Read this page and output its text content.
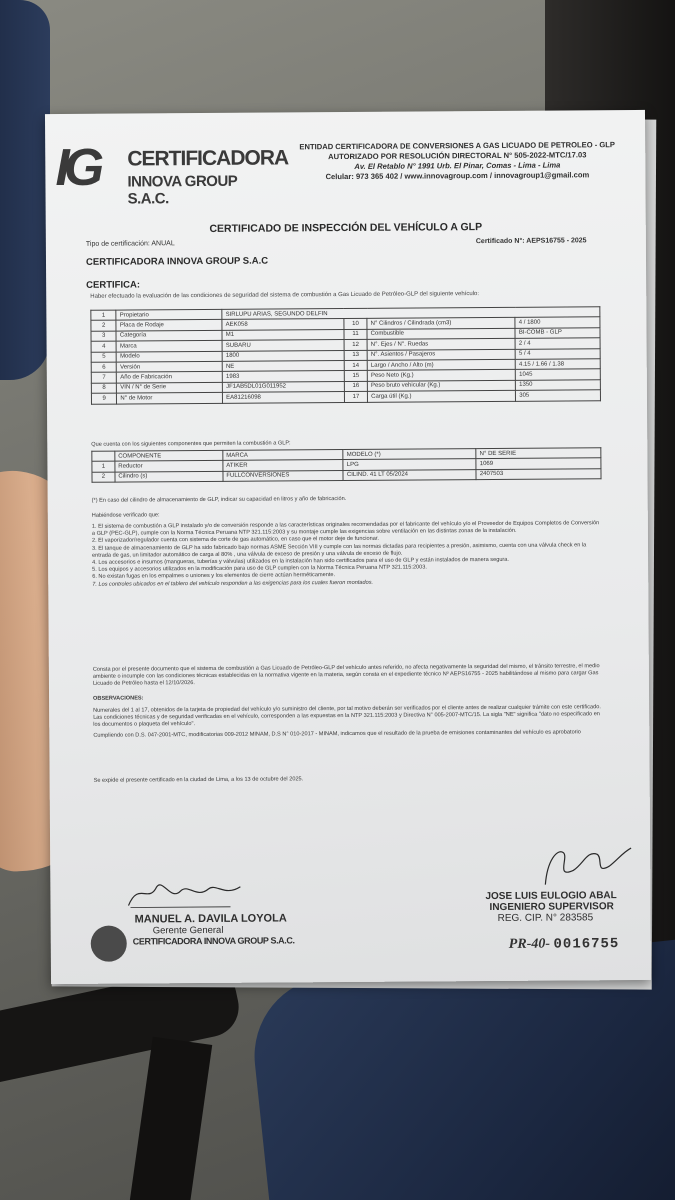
IG CERTIFICADORA
INNOVA GROUP S.A.C.
ENTIDAD CERTIFICADORA DE CONVERSIONES A GAS LICUADO DE PETROLEO - GLP
AUTORIZADO POR RESOLUCIÓN DIRECTORAL N° 505-2022-MTC/17.03
Av. El Retablo N° 1991 Urb. El Pinar, Comas - Lima - Lima
Celular: 973 365 402 / www.innovagroup.com / innovagroup1@gmail.com
CERTIFICADO DE INSPECCIÓN DEL VEHÍCULO A GLP
Tipo de certificación: ANUAL	Certificado N°: AEPS16755 - 2025
CERTIFICADORA INNOVA GROUP S.A.C
CERTIFICA:
Haber efectuado la evaluación de las condiciones de seguridad del sistema de combustión a Gas Licuado de Petróleo-GLP del siguiente vehículo:
1	Propietario	SIRLUPU ARIAS, SEGUNDO DELFIN			
2	Placa de Rodaje	AEK058	10	N° Cilindros / Cilindrada (cm3)	4 / 1800
3	Categoría	M1	11	Combustible	BI-COMB - GLP
4	Marca	SUBARU	12	N°. Ejes / N°. Ruedas	2 / 4
5	Modelo	1800	13	N°. Asientos / Pasajeros	5 / 4
6	Versión	NE	14	Largo / Ancho / Alto (m)	4.15 / 1.66 / 1.38
7	Año de Fabricación	1983	15	Peso Neto (Kg.)	1045
8	VIN / N° de Serie	JF1AB5DL01G011952	16	Peso bruto vehicular (Kg.)	1350
9	N° de Motor	EA81216098	17	Carga útil (Kg.)	305
Que cuenta con los siguientes componentes que permiten la combustión a GLP:
	COMPONENTE	MARCA	MODELO (*)	N° DE SERIE
1	Reductor	ATIKER	LPG	1069
2	Cilindro (s)	FULLCONVERSIONES	CILIND. 41 LT 05/2024	2407503
(*) En caso del cilindro de almacenamiento de GLP, indicar su capacidad en litros y año de fabricación.
Habiéndose verificado que:
1. El sistema de combustión a GLP instalado y/o de conversión responde a las características originales recomendadas por el fabricante del vehículo y/o el Proveedor de Equipos Completos de Conversión a GLP (PEC-GLP), cumple con la Norma Técnica Peruana NTP 321.115:2003 y su montaje cumple las exigencias sobre ventilación en las distintas zonas de la instalación.
2. El vaporizador/regulador cuenta con sistema de corte de gas automático, en caso que el motor deje de funcionar.
3. El tanque de almacenamiento de GLP ha sido fabricado bajo normas ASME Sección VIII y cumple con las normas dictadas para recipientes a presión, asimismo, cuenta con una válvula check en la entrada de gas, un limitador automático de carga al 80% , una válvula de exceso de presión y una válvula de exceso de flujo.
4. Los accesorios e insumos (mangueras, tuberías y válvulas) utilizados en la instalación han sido certificados para el uso de GLP y están instalados de manera segura.
5. Los equipos y accesorios utilizados en la modificación para uso de GLP cumplen con la Norma Técnica Peruana NTP 321.115:2003.
6. No existan fugas en los empalmes o uniones y los elementos de cierre actúan herméticamente.
7. Los controles ubicados en el tablero del vehículo responden a las exigencias para los cuales fueron montados.
Consta por el presente documento que el sistema de combustión a Gas Licuado de Petróleo-GLP del vehículo antes referido, no afecta negativamente la seguridad del mismo, el tránsito terrestre, el medio ambiente o incumple con las condiciones técnicas establecidas en la normativa vigente en la materia, según consta en el expediente técnico Nº AEPS16755 - 2025 habilitándose al mismo para cargar Gas Licuado de Petróleo hasta el 12/10/2026.
OBSERVACIONES:
Numerales del 1 al 17, obtenidos de la tarjeta de propiedad del vehículo y/o suministro del cliente, por tal motivo deberán ser verificados por el cliente antes de realizar cualquier trámite con este certificado. Las condiciones técnicas y de seguridad verificadas en el vehículo, corresponden a las expuestas en la NTP 321.115:2003 y Directiva N° 005-2007-MTC/15. La sigla "NE" significa "dato no especificado en los documentos o plaqueta del vehículo".
Cumpliendo con D.S. 047-2001-MTC, modificatorias 009-2012 MINAM, D.S N° 010-2017 - MINAM, indicamos que el resultado de la prueba de emisiones contaminantes del vehículo es aprobatorio
Se expide el presente certificado en la ciudad de Lima, a los 13 de octubre del 2025.
MANUEL A. DAVILA LOYOLA
Gerente General
CERTIFICADORA INNOVA GROUP S.A.C.
JOSE LUIS EULOGIO ABAL
INGENIERO SUPERVISOR
REG. CIP. N° 283585
PR-40- 0016755
